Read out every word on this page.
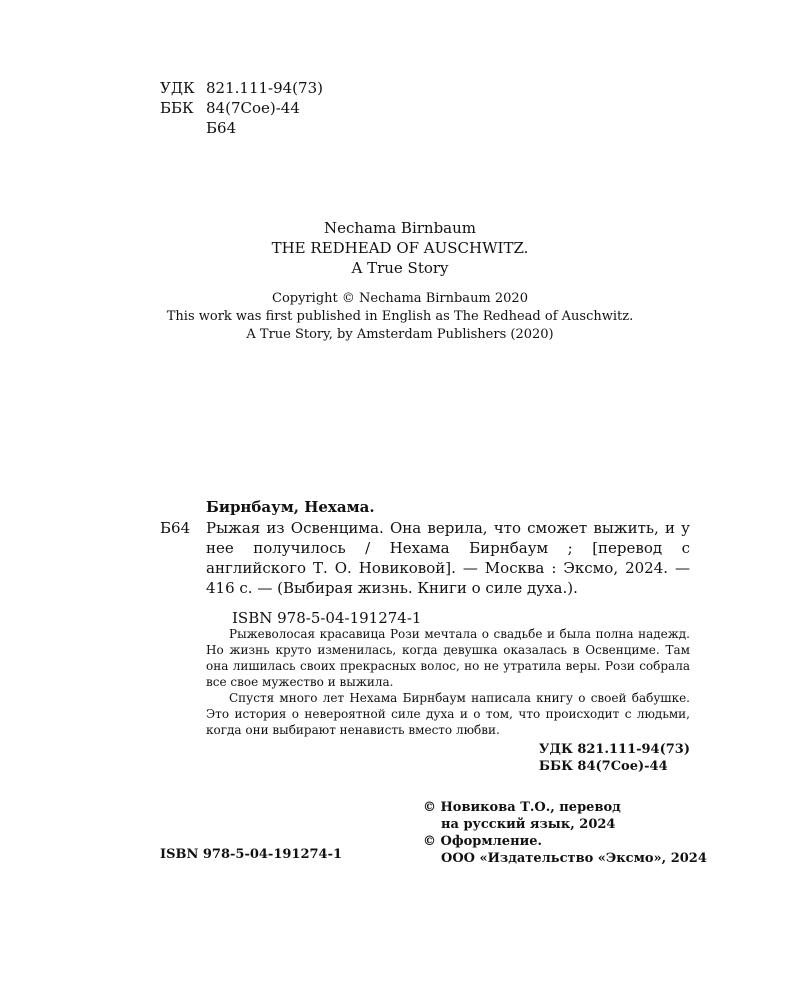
УДК 821.111-94(73)
ББК 84(7Сое)-44
Б64
Nechama Birnbaum
THE REDHEAD OF AUSCHWITZ.
A True Story
Copyright © Nechama Birnbaum 2020
This work was first published in English as The Redhead of Auschwitz.
A True Story, by Amsterdam Publishers (2020)
Бирнбаум, Нехама.
Б64	Рыжая из Освенцима. Она верила, что сможет выжить, и у нее получилось / Нехама Бирнбаум ; [перевод с английского Т. О. Новиковой]. — Москва : Эксмо, 2024. — 416 с. — (Выбирая жизнь. Книги о силе духа.).
ISBN 978-5-04-191274-1

Рыжеволосая красавица Рози мечтала о свадьбе и была полна надежд. Но жизнь круто изменилась, когда девушка оказалась в Освенциме. Там она лишилась своих прекрасных волос, но не утратила веры. Рози собрала все свое мужество и выжила.

Спустя много лет Нехама Бирнбаум написала книгу о своей бабушке. Это история о невероятной силе духа и о том, что происходит с людьми, когда они выбирают ненависть вместо любви.

УДК 821.111-94(73)
ББК 84(7Сое)-44
© Новикова Т.О., перевод
на русский язык, 2024
© Оформление.
ООО «Издательство «Эксмо», 2024
ISBN 978-5-04-191274-1
